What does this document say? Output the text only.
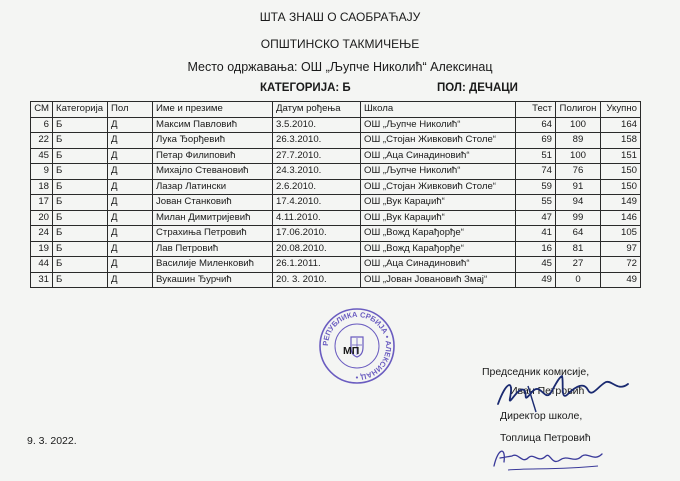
ШТА ЗНАШ О САОБРАЋАЈУ
ОПШТИНСКО ТАКМИЧЕЊЕ
Место одржавања: ОШ „Љупче Николић“ Алексинац
КАТЕГОРИЈА: Б	ПОЛ: ДЕЧАЦИ
СМ	Категорија	Пол	Име и презиме	Датум рођења	Школа	Тест	Полигон	Укупно
6	Б	Д	Максим Павловић	3.5.2010.	ОШ „Љупче Николић“	64	100	164
22	Б	Д	Лука Ђорђевић	26.3.2010.	ОШ „Стојан Живковић Столе“	69	89	158
45	Б	Д	Петар Филиповић	27.7.2010.	ОШ „Аца Синадиновић“	51	100	151
9	Б	Д	Михајло Стевановић	24.3.2010.	ОШ „Љупче Николић“	74	76	150
18	Б	Д	Лазар Латински	2.6.2010.	ОШ „Стојан Живковић Столе“	59	91	150
17	Б	Д	Јован Станковић	17.4.2010.	ОШ „Вук Караџић“	55	94	149
20	Б	Д	Милан Димитријевић	4.11.2010.	ОШ „Вук Караџић“	47	99	146
24	Б	Д	Страхиња Петровић	17.06.2010.	ОШ „Вожд Карађорђе“	41	64	105
19	Б	Д	Лав Петровић	20.08.2010.	ОШ „Вожд Карађорђе“	16	81	97
44	Б	Д	Василије Миленковић	26.1.2011.	ОШ „Аца Синадиновић“	45	27	72
31	Б	Д	Вукашин Ђурчић	20. 3. 2010.	ОШ „Јован Јовановић Змај“	49	0	49
РЕПУБЛИКА СРБИЈА • АЛЕКСИНАЦ •
МП
9. 3. 2022.
Председник комисије,
Иван Петровић
Директор школе,
Топлица Петровић
